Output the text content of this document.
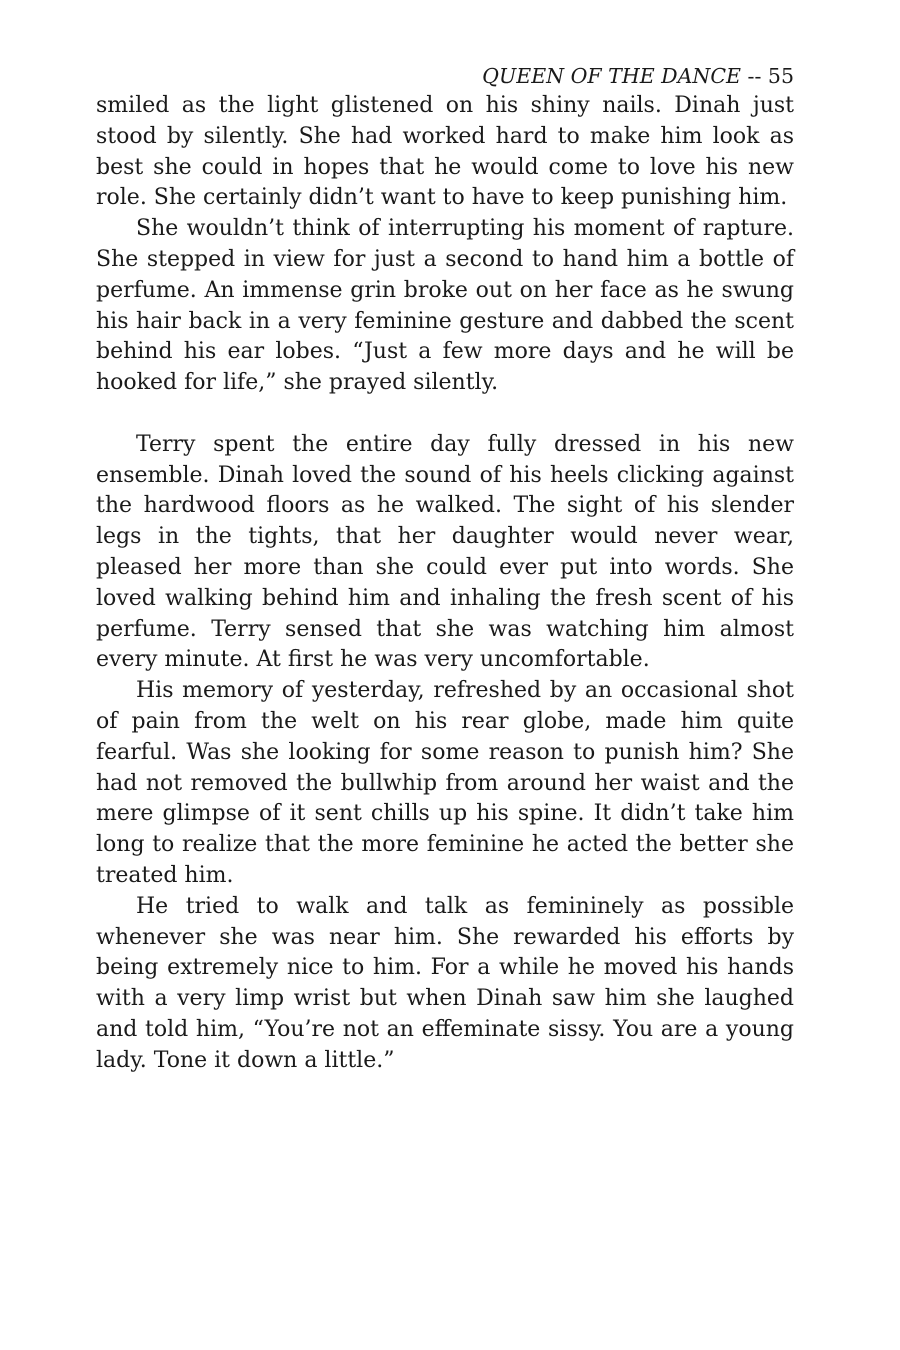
QUEEN OF THE DANCE -- 55

smiled as the light glistened on his shiny nails. Dinah just stood by silently. She had worked hard to make him look as best she could in hopes that he would come to love his new role. She certainly didn’t want to have to keep punishing him.

She wouldn’t think of interrupting his moment of rapture. She stepped in view for just a second to hand him a bottle of perfume. An immense grin broke out on her face as he swung his hair back in a very feminine gesture and dabbed the scent behind his ear lobes. “Just a few more days and he will be hooked for life,” she prayed silently.

Terry spent the entire day fully dressed in his new ensemble. Dinah loved the sound of his heels clicking against the hardwood floors as he walked. The sight of his slender legs in the tights, that her daughter would never wear, pleased her more than she could ever put into words. She loved walking behind him and inhaling the fresh scent of his perfume. Terry sensed that she was watching him almost every minute. At first he was very uncomfortable.

His memory of yesterday, refreshed by an occasional shot of pain from the welt on his rear globe, made him quite fearful. Was she looking for some reason to punish him? She had not removed the bullwhip from around her waist and the mere glimpse of it sent chills up his spine. It didn’t take him long to realize that the more feminine he acted the better she treated him.

He tried to walk and talk as femininely as possible whenever she was near him. She rewarded his efforts by being extremely nice to him. For a while he moved his hands with a very limp wrist but when Dinah saw him she laughed and told him, “You’re not an effeminate sissy. You are a young lady. Tone it down a little.”
